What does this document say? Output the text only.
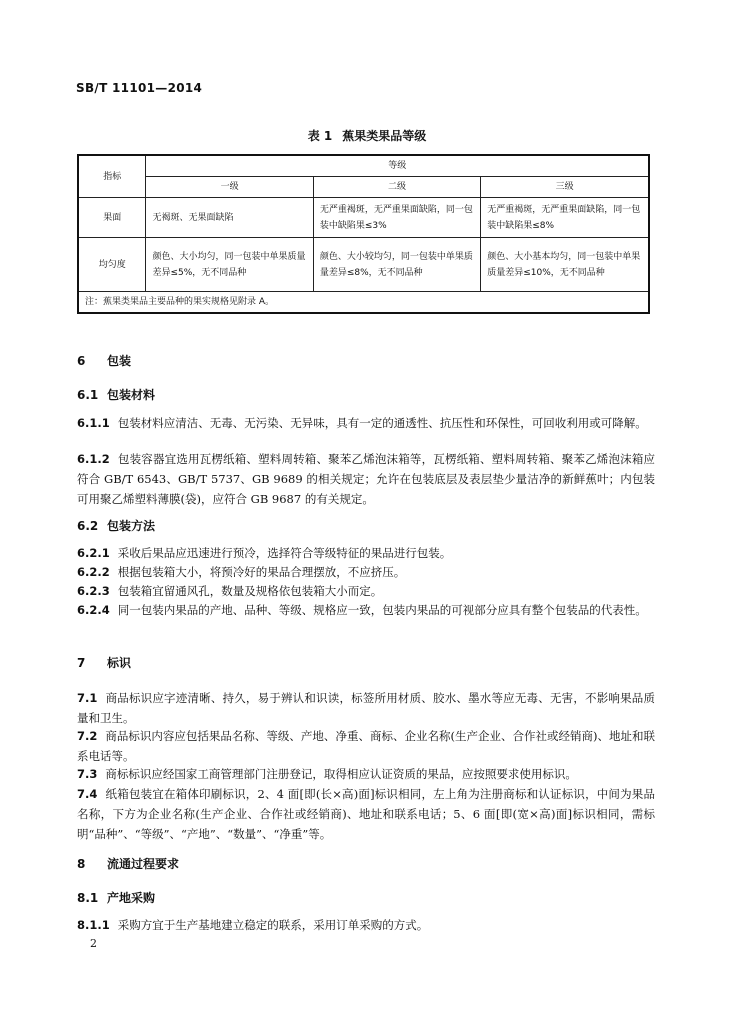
SB/T 11101—2014
表 1 蕉果类果品等级
指标	等级		
	一级	二级	三级
果面	无褐斑、无果面缺陷	无严重褐斑，无严重果面缺陷，同一包装中缺陷果≤3%	无严重褐斑，无严重果面缺陷，同一包装中缺陷果≤8%
均匀度	颜色、大小均匀，同一包装中单果质量差异≤5%，无不同品种	颜色、大小较均匀，同一包装中单果质量差异≤8%，无不同品种	颜色、大小基本均匀，同一包装中单果质量差异≤10%，无不同品种
注：蕉果类果品主要品种的果实规格见附录 A。			
6 包装
6.1 包装材料
6.1.1 包装材料应清洁、无毒、无污染、无异味，具有一定的通透性、抗压性和环保性，可回收利用或可降解。
6.1.2 包装容器宜选用瓦楞纸箱、塑料周转箱、聚苯乙烯泡沫箱等，瓦楞纸箱、塑料周转箱、聚苯乙烯泡沫箱应符合 GB/T 6543、GB/T 5737、GB 9689 的相关规定；允许在包装底层及表层垫少量洁净的新鲜蕉叶；内包装可用聚乙烯塑料薄膜(袋)，应符合 GB 9687 的有关规定。
6.2 包装方法
6.2.1 采收后果品应迅速进行预冷，选择符合等级特征的果品进行包装。
6.2.2 根据包装箱大小，将预冷好的果品合理摆放，不应挤压。
6.2.3 包装箱宜留通风孔，数量及规格依包装箱大小而定。
6.2.4 同一包装内果品的产地、品种、等级、规格应一致，包装内果品的可视部分应具有整个包装品的代表性。
7 标识
7.1 商品标识应字迹清晰、持久，易于辨认和识读，标签所用材质、胶水、墨水等应无毒、无害，不影响果品质量和卫生。
7.2 商品标识内容应包括果品名称、等级、产地、净重、商标、企业名称(生产企业、合作社或经销商)、地址和联系电话等。
7.3 商标标识应经国家工商管理部门注册登记，取得相应认证资质的果品，应按照要求使用标识。
7.4 纸箱包装宜在箱体印刷标识，2、4 面[即(长×高)面]标识相同，左上角为注册商标和认证标识，中间为果品名称，下方为企业名称(生产企业、合作社或经销商)、地址和联系电话；5、6 面[即(宽×高)面]标识相同，需标明“品种”、“等级”、“产地”、“数量”、“净重”等。
8 流通过程要求
8.1 产地采购
8.1.1 采购方宜于生产基地建立稳定的联系，采用订单采购的方式。
2
